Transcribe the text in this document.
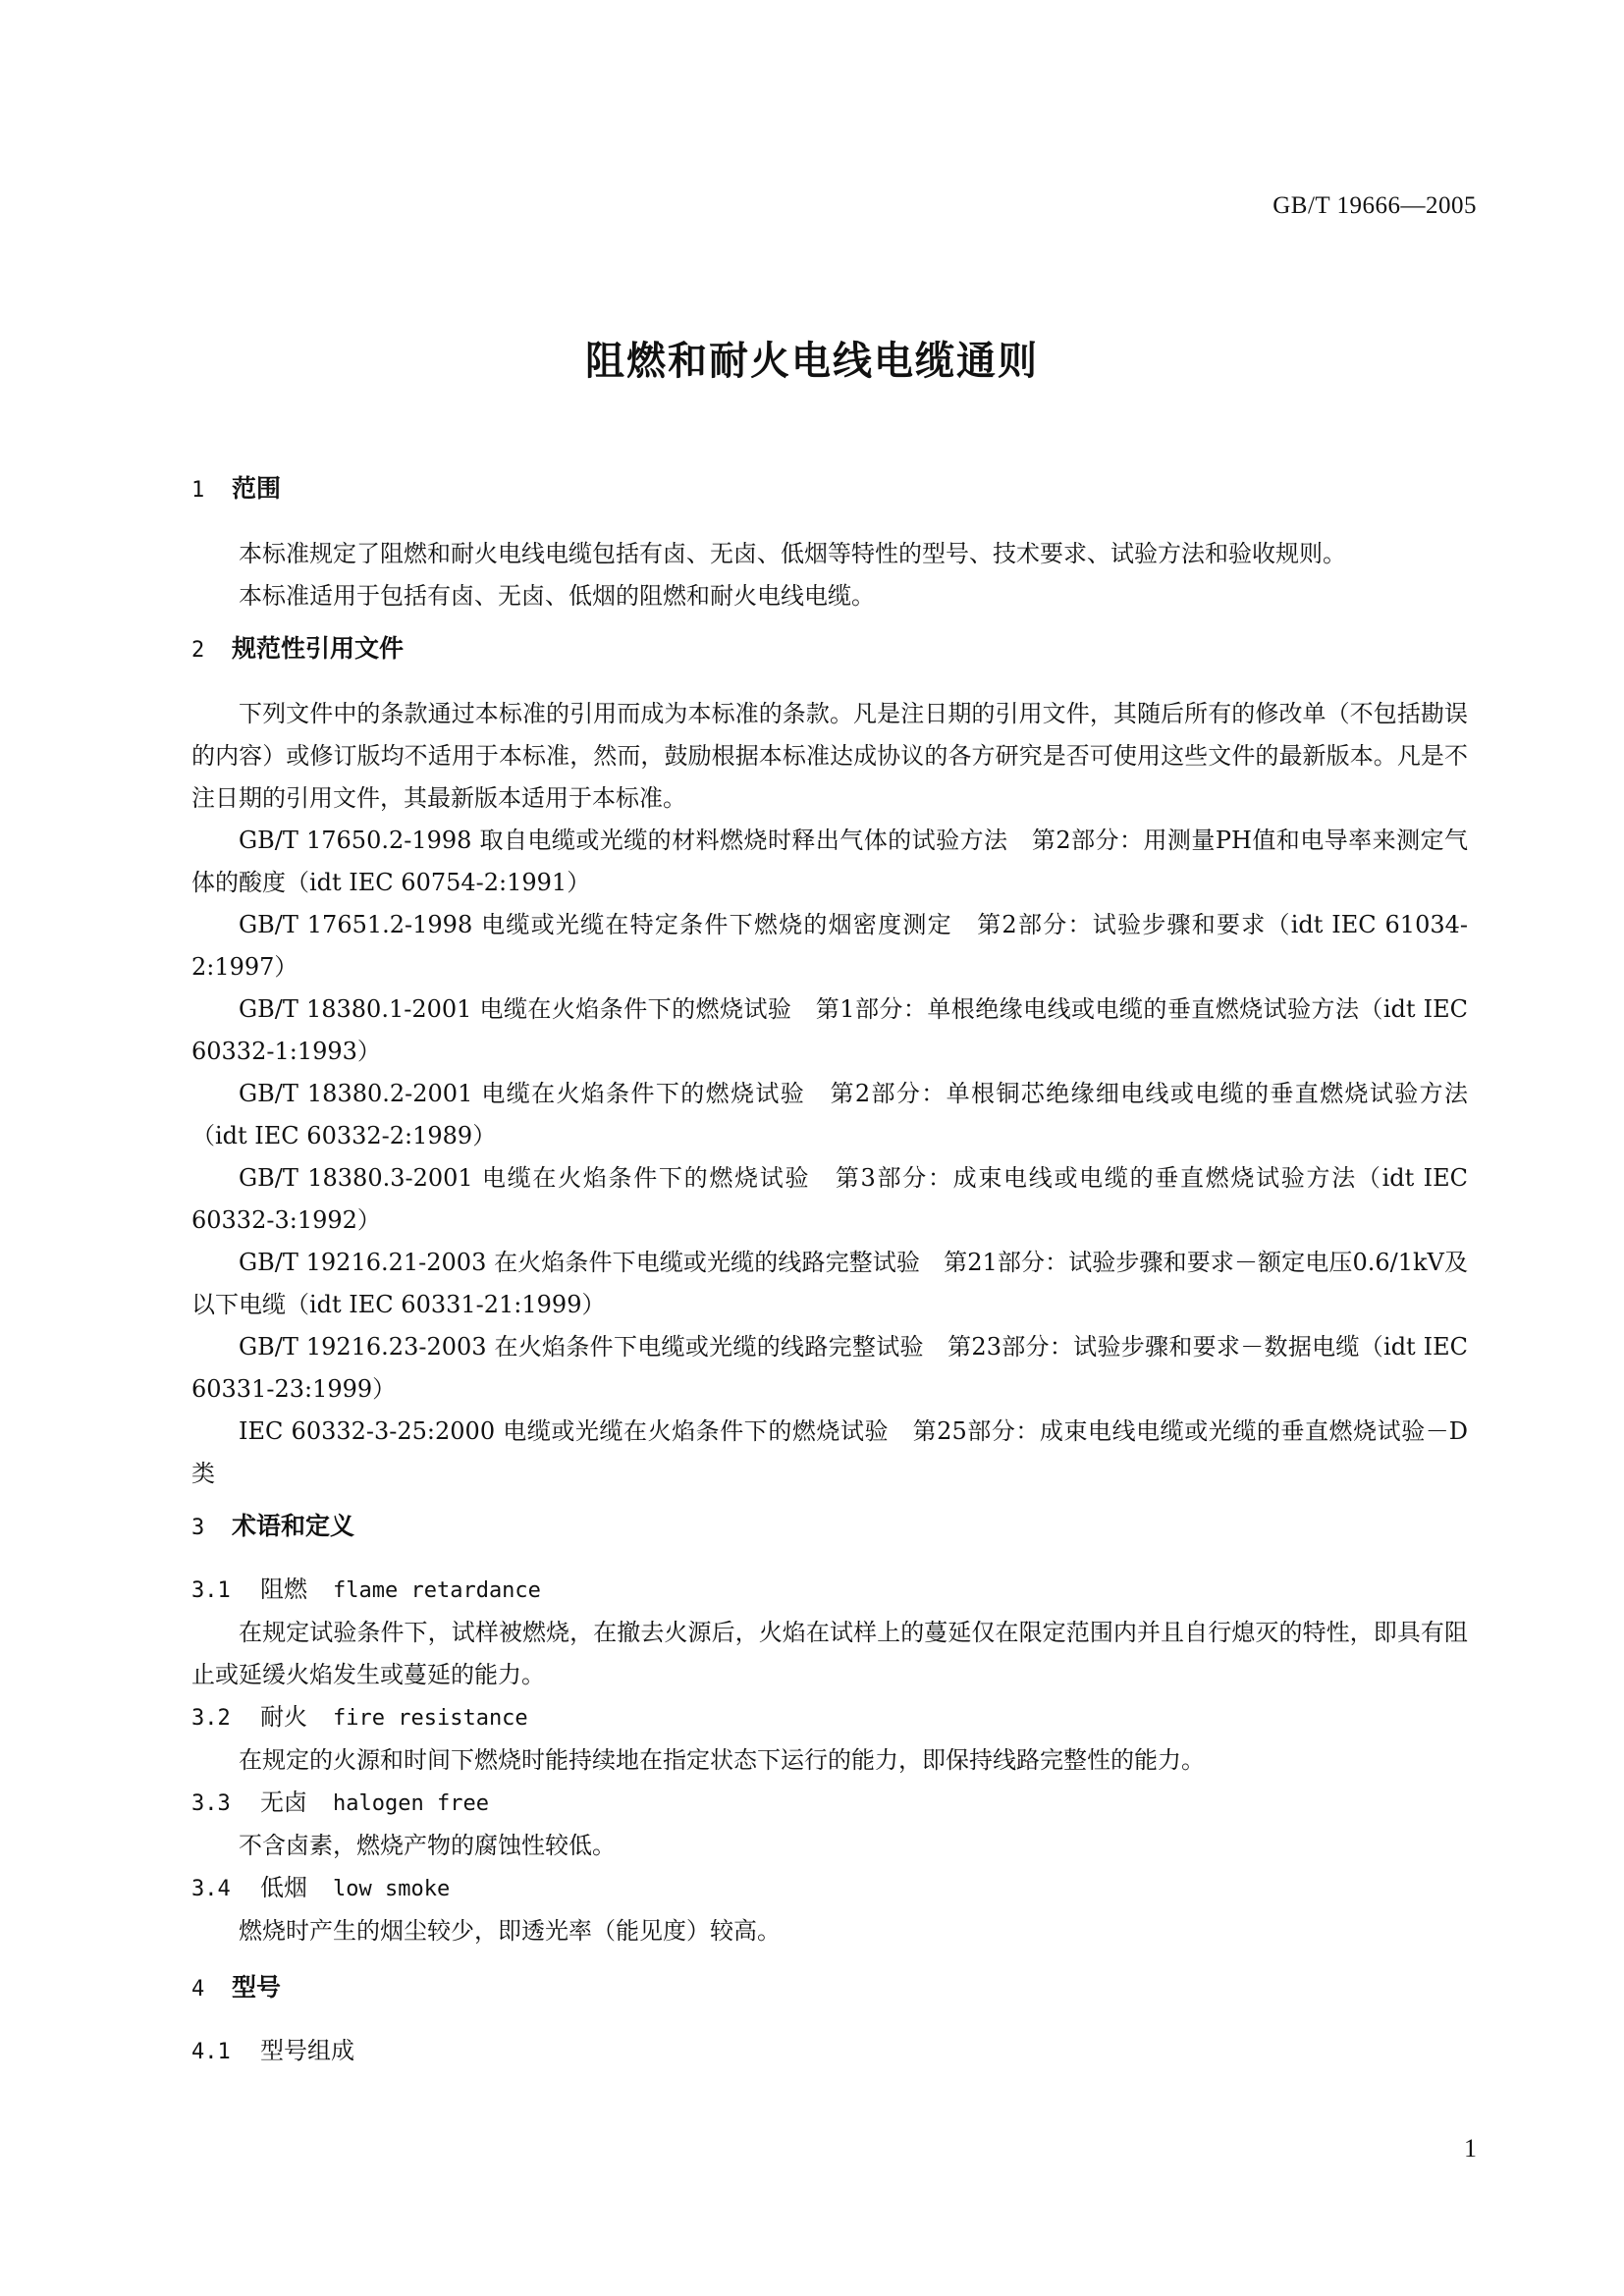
GB/T 19666—2005
阻燃和耐火电线电缆通则
1	范围

本标准规定了阻燃和耐火电线电缆包括有卤、无卤、低烟等特性的型号、技术要求、试验方法和验收规则。

本标准适用于包括有卤、无卤、低烟的阻燃和耐火电线电缆。

2	规范性引用文件

下列文件中的条款通过本标准的引用而成为本标准的条款。凡是注日期的引用文件，其随后所有的修改单（不包括勘误的内容）或修订版均不适用于本标准，然而，鼓励根据本标准达成协议的各方研究是否可使用这些文件的最新版本。凡是不注日期的引用文件，其最新版本适用于本标准。

GB/T 17650.2-1998 取自电缆或光缆的材料燃烧时释出气体的试验方法　第2部分：用测量PH值和电导率来测定气体的酸度（idt IEC 60754-2:1991）

GB/T 17651.2-1998 电缆或光缆在特定条件下燃烧的烟密度测定　第2部分：试验步骤和要求（idt IEC 61034-2:1997）

GB/T 18380.1-2001 电缆在火焰条件下的燃烧试验　第1部分：单根绝缘电线或电缆的垂直燃烧试验方法（idt IEC 60332-1:1993）

GB/T 18380.2-2001 电缆在火焰条件下的燃烧试验　第2部分：单根铜芯绝缘细电线或电缆的垂直燃烧试验方法（idt IEC 60332-2:1989）

GB/T 18380.3-2001 电缆在火焰条件下的燃烧试验　第3部分：成束电线或电缆的垂直燃烧试验方法（idt IEC 60332-3:1992）

GB/T 19216.21-2003 在火焰条件下电缆或光缆的线路完整试验　第21部分：试验步骤和要求－额定电压0.6/1kV及以下电缆（idt IEC 60331-21:1999）

GB/T 19216.23-2003 在火焰条件下电缆或光缆的线路完整试验　第23部分：试验步骤和要求－数据电缆（idt IEC 60331-23:1999）

IEC 60332-3-25:2000 电缆或光缆在火焰条件下的燃烧试验　第25部分：成束电线电缆或光缆的垂直燃烧试验－D类

3	术语和定义
3.1	阻燃 flame retardance

在规定试验条件下，试样被燃烧，在撤去火源后，火焰在试样上的蔓延仅在限定范围内并且自行熄灭的特性，即具有阻止或延缓火焰发生或蔓延的能力。

3.2	耐火 fire resistance

在规定的火源和时间下燃烧时能持续地在指定状态下运行的能力，即保持线路完整性的能力。

3.3	无卤 halogen free

不含卤素，燃烧产物的腐蚀性较低。

3.4	低烟 low smoke

燃烧时产生的烟尘较少，即透光率（能见度）较高。

4	型号
4.1	型号组成
1
